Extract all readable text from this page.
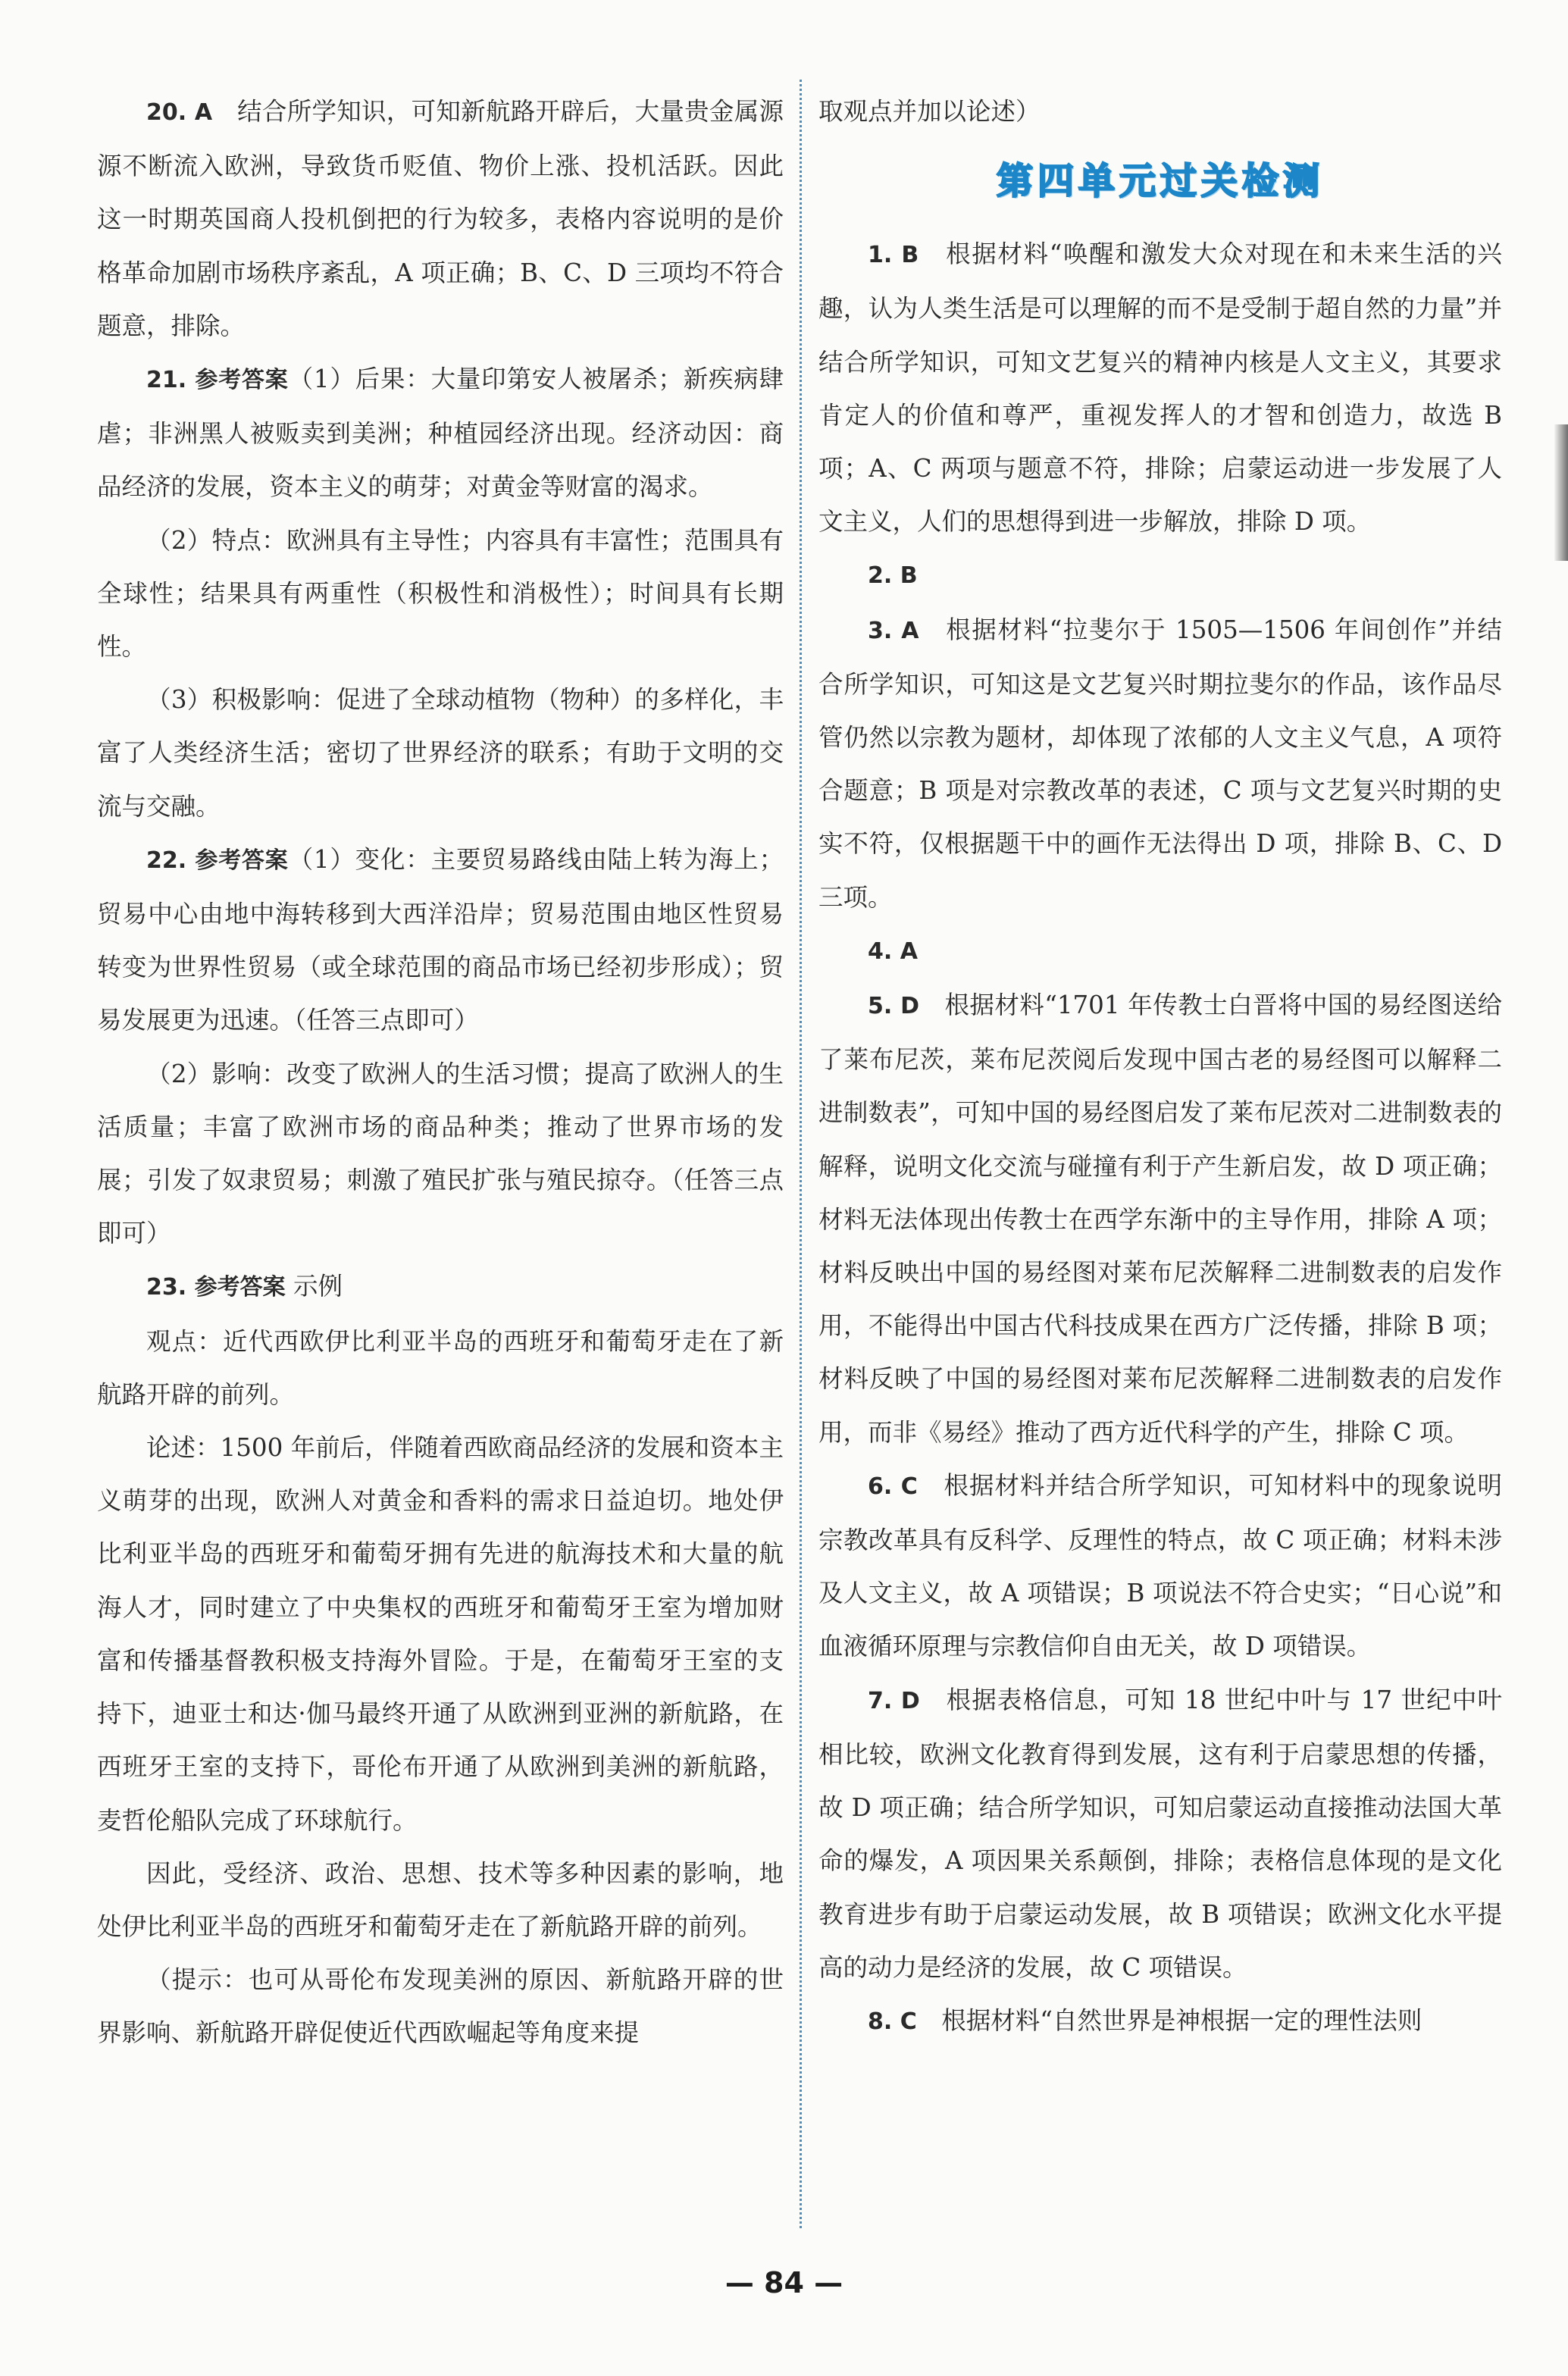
20. A　 结合所学知识，可知新航路开辟后，大量贵金属源源不断流入欧洲，导致货币贬值、物价上涨、投机活跃。因此这一时期英国商人投机倒把的行为较多，表格内容说明的是价格革命加剧市场秩序紊乱，A 项正确；B、C、D 三项均不符合题意，排除。

21. 参考答案（1）后果：大量印第安人被屠杀；新疾病肆虐；非洲黑人被贩卖到美洲；种植园经济出现。经济动因：商品经济的发展，资本主义的萌芽；对黄金等财富的渴求。

（2）特点：欧洲具有主导性；内容具有丰富性；范围具有全球性；结果具有两重性（积极性和消极性）；时间具有长期性。

（3）积极影响：促进了全球动植物（物种）的多样化，丰富了人类经济生活；密切了世界经济的联系；有助于文明的交流与交融。

22. 参考答案（1）变化：主要贸易路线由陆上转为海上；贸易中心由地中海转移到大西洋沿岸；贸易范围由地区性贸易转变为世界性贸易（或全球范围的商品市场已经初步形成）；贸易发展更为迅速。（任答三点即可）

（2）影响：改变了欧洲人的生活习惯；提高了欧洲人的生活质量；丰富了欧洲市场的商品种类；推动了世界市场的发展；引发了奴隶贸易；刺激了殖民扩张与殖民掠夺。（任答三点即可）

23. 参考答案 示例

观点：近代西欧伊比利亚半岛的西班牙和葡萄牙走在了新航路开辟的前列。

论述：1500 年前后，伴随着西欧商品经济的发展和资本主义萌芽的出现，欧洲人对黄金和香料的需求日益迫切。地处伊比利亚半岛的西班牙和葡萄牙拥有先进的航海技术和大量的航海人才，同时建立了中央集权的西班牙和葡萄牙王室为增加财富和传播基督教积极支持海外冒险。于是，在葡萄牙王室的支持下，迪亚士和达·伽马最终开通了从欧洲到亚洲的新航路，在西班牙王室的支持下，哥伦布开通了从欧洲到美洲的新航路，麦哲伦船队完成了环球航行。

因此，受经济、政治、思想、技术等多种因素的影响，地处伊比利亚半岛的西班牙和葡萄牙走在了新航路开辟的前列。

（提示：也可从哥伦布发现美洲的原因、新航路开辟的世界影响、新航路开辟促使近代西欧崛起等角度来提

取观点并加以论述）

第四单元过关检测

1. B　 根据材料“唤醒和激发大众对现在和未来生活的兴趣，认为人类生活是可以理解的而不是受制于超自然的力量”并结合所学知识，可知文艺复兴的精神内核是人文主义，其要求肯定人的价值和尊严，重视发挥人的才智和创造力，故选 B 项；A、C 两项与题意不符，排除；启蒙运动进一步发展了人文主义，人们的思想得到进一步解放，排除 D 项。

2. B

3. A　 根据材料“拉斐尔于 1505—1506 年间创作”并结合所学知识，可知这是文艺复兴时期拉斐尔的作品，该作品尽管仍然以宗教为题材，却体现了浓郁的人文主义气息，A 项符合题意；B 项是对宗教改革的表述，C 项与文艺复兴时期的史实不符，仅根据题干中的画作无法得出 D 项，排除 B、C、D 三项。

4. A

5. D　 根据材料“1701 年传教士白晋将中国的易经图送给了莱布尼茨，莱布尼茨阅后发现中国古老的易经图可以解释二进制数表”，可知中国的易经图启发了莱布尼茨对二进制数表的解释，说明文化交流与碰撞有利于产生新启发，故 D 项正确；材料无法体现出传教士在西学东渐中的主导作用，排除 A 项；材料反映出中国的易经图对莱布尼茨解释二进制数表的启发作用，不能得出中国古代科技成果在西方广泛传播，排除 B 项；材料反映了中国的易经图对莱布尼茨解释二进制数表的启发作用，而非《易经》推动了西方近代科学的产生，排除 C 项。

6. C　 根据材料并结合所学知识，可知材料中的现象说明宗教改革具有反科学、反理性的特点，故 C 项正确；材料未涉及人文主义，故 A 项错误；B 项说法不符合史实；“日心说”和血液循环原理与宗教信仰自由无关，故 D 项错误。

7. D　 根据表格信息，可知 18 世纪中叶与 17 世纪中叶相比较，欧洲文化教育得到发展，这有利于启蒙思想的传播，故 D 项正确；结合所学知识，可知启蒙运动直接推动法国大革命的爆发，A 项因果关系颠倒，排除；表格信息体现的是文化教育进步有助于启蒙运动发展，故 B 项错误；欧洲文化水平提高的动力是经济的发展，故 C 项错误。

8. C　 根据材料“自然世界是神根据一定的理性法则

— 84 —
